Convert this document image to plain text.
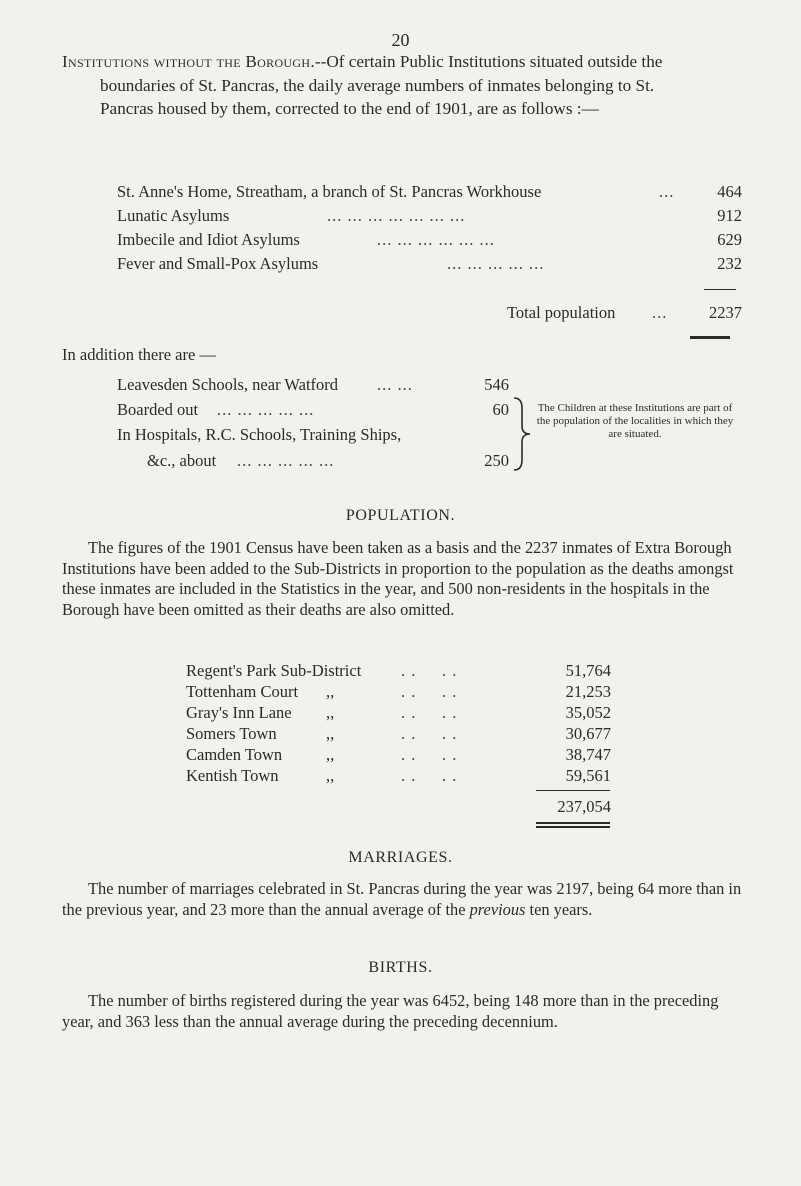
20

Institutions without the Borough.--Of certain Public Institutions situated outside the boundaries of St. Pancras, the daily average numbers of inmates belonging to St. Pancras housed by them, corrected to the end of 1901, are as follows :—

St. Anne's Home, Streatham, a branch of St. Pancras Workhouse	...	464
Lunatic Asylums	... ... ... ... ... ... ...	912
Imbecile and Idiot Asylums	... ... ... ... ... ...	629
Fever and Small-Pox Asylums	... ... ... ... ...	232
Total population ...	2237
In addition there are —
Leavesden Schools, near Watford ... ...	546
Boarded out ... ... ... ... ...	60
In Hospitals, R.C. Schools, Training Ships,
&c., about ... ... ... ... ...	250
The Children at these Institutions are part of the population of the localities in which they are situated.
POPULATION.

The figures of the 1901 Census have been taken as a basis and the 2237 inmates of Extra Borough Institutions have been added to the Sub-Districts in proportion to the population as the deaths amongst these inmates are included in the Statistics in the year, and 500 non-residents in the hospitals in the Borough have been omitted as their deaths are also omitted.

Regent's Park Sub-District . .     . .	51,764
Tottenham Court ,,	. .     . .	21,253
Gray's Inn Lane ,,	. .     . .	35,052
Somers Town	,,	. .     . .	30,677
Camden Town	,,	. .     . .	38,747
Kentish Town	,,	. .     . .	59,561
237,054
MARRIAGES.

The number of marriages celebrated in St. Pancras during the year was 2197, being 64 more than in the previous year, and 23 more than the annual average of the previous ten years.

BIRTHS.

The number of births registered during the year was 6452, being 148 more than in the preceding year, and 363 less than the annual average during the preceding decennium.
